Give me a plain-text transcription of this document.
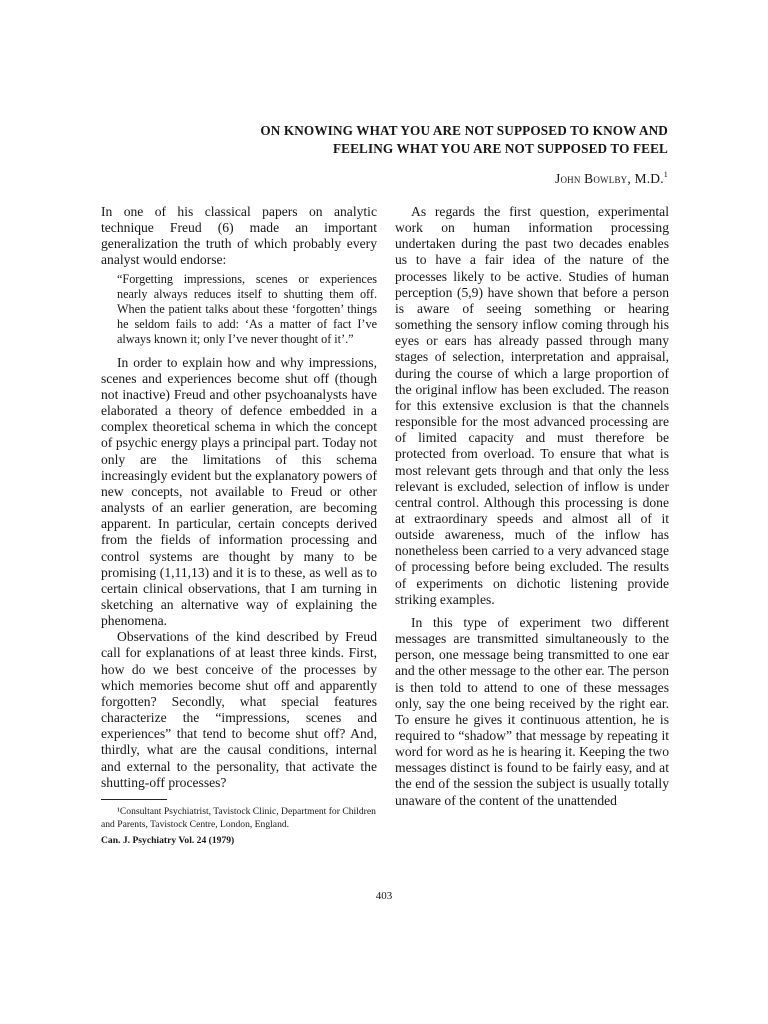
ON KNOWING WHAT YOU ARE NOT SUPPOSED TO KNOW AND
FEELING WHAT YOU ARE NOT SUPPOSED TO FEEL
John Bowlby, M.D.$^1$

In one of his classical papers on analytic technique Freud (6) made an important generalization the truth of which probably every analyst would endorse:

“Forgetting impressions, scenes or experiences nearly always reduces itself to shutting them off. When the patient talks about these ‘forgotten’ things he seldom fails to add: ‘As a matter of fact I’ve always known it; only I’ve never thought of it’.”

In order to explain how and why impressions, scenes and experiences become shut off (though not inactive) Freud and other psychoanalysts have elaborated a theory of defence embedded in a complex theoretical schema in which the concept of psychic energy plays a principal part. Today not only are the limitations of this schema increasingly evident but the explanatory powers of new concepts, not available to Freud or other analysts of an earlier generation, are becoming apparent. In particular, certain concepts derived from the fields of information processing and control systems are thought by many to be promising (1,11,13) and it is to these, as well as to certain clinical observations, that I am turning in sketching an alternative way of explaining the phenomena.

Observations of the kind described by Freud call for explanations of at least three kinds. First, how do we best conceive of the processes by which memories become shut off and apparently forgotten? Secondly, what special features characterize the “impressions, scenes and experiences” that tend to become shut off? And, thirdly, what are the causal conditions, internal and external to the personality, that activate the shutting-off processes?

¹Consultant Psychiatrist, Tavistock Clinic, Department for Children and Parents, Tavistock Centre, London, England.

Can. J. Psychiatry Vol. 24 (1979)

As regards the first question, experimental work on human information processing undertaken during the past two decades enables us to have a fair idea of the nature of the processes likely to be active. Studies of human perception (5,9) have shown that before a person is aware of seeing something or hearing something the sensory inflow coming through his eyes or ears has already passed through many stages of selection, interpretation and appraisal, during the course of which a large proportion of the original inflow has been excluded. The reason for this extensive exclusion is that the channels responsible for the most advanced processing are of limited capacity and must therefore be protected from overload. To ensure that what is most relevant gets through and that only the less relevant is excluded, selection of inflow is under central control. Although this processing is done at extraordinary speeds and almost all of it outside awareness, much of the inflow has nonetheless been carried to a very advanced stage of processing before being excluded. The results of experiments on dichotic listening provide striking examples.

In this type of experiment two different messages are transmitted simultaneously to the person, one message being transmitted to one ear and the other message to the other ear. The person is then told to attend to one of these messages only, say the one being received by the right ear. To ensure he gives it continuous attention, he is required to “shadow” that message by repeating it word for word as he is hearing it. Keeping the two messages distinct is found to be fairly easy, and at the end of the session the subject is usually totally unaware of the content of the unattended

403
